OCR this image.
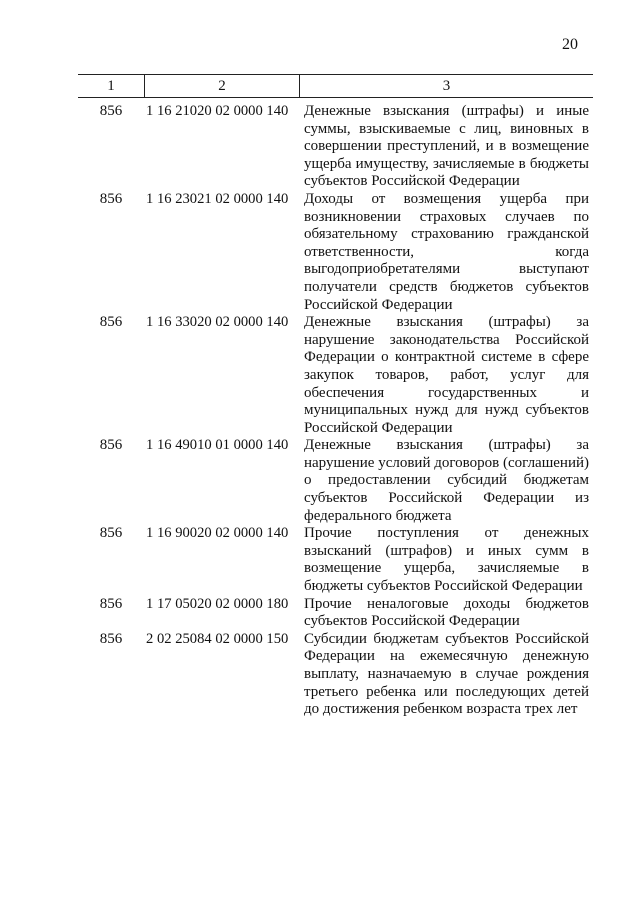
20
1	2	3
856	1 16 21020 02 0000 140	Денежные взыскания (штрафы) и иные суммы, взыскиваемые с лиц, виновных в совершении преступлений, и в возмещение ущерба имуществу, зачисляемые в бюджеты субъектов Российской Федерации
856	1 16 23021 02 0000 140	Доходы от возмещения ущерба при возникновении страховых случаев по обязательному страхованию гражданской ответственности, когда выгодоприобретателями выступают получатели средств бюджетов субъектов Российской Федерации
856	1 16 33020 02 0000 140	Денежные взыскания (штрафы) за нарушение законодательства Российской Федерации о контрактной системе в сфере закупок товаров, работ, услуг для обеспечения государственных и муниципальных нужд для нужд субъектов Российской Федерации
856	1 16 49010 01 0000 140	Денежные взыскания (штрафы) за нарушение условий договоров (соглашений) о предоставлении субсидий бюджетам субъектов Российской Федерации из федерального бюджета
856	1 16 90020 02 0000 140	Прочие поступления от денежных взысканий (штрафов) и иных сумм в возмещение ущерба, зачисляемые в бюджеты субъектов Российской Федерации
856	1 17 05020 02 0000 180	Прочие неналоговые доходы бюджетов субъектов Российской Федерации
856	2 02 25084 02 0000 150	Субсидии бюджетам субъектов Российской Федерации на ежемесячную денежную выплату, назначаемую в случае рождения третьего ребенка или последующих детей до достижения ребенком возраста трех лет
